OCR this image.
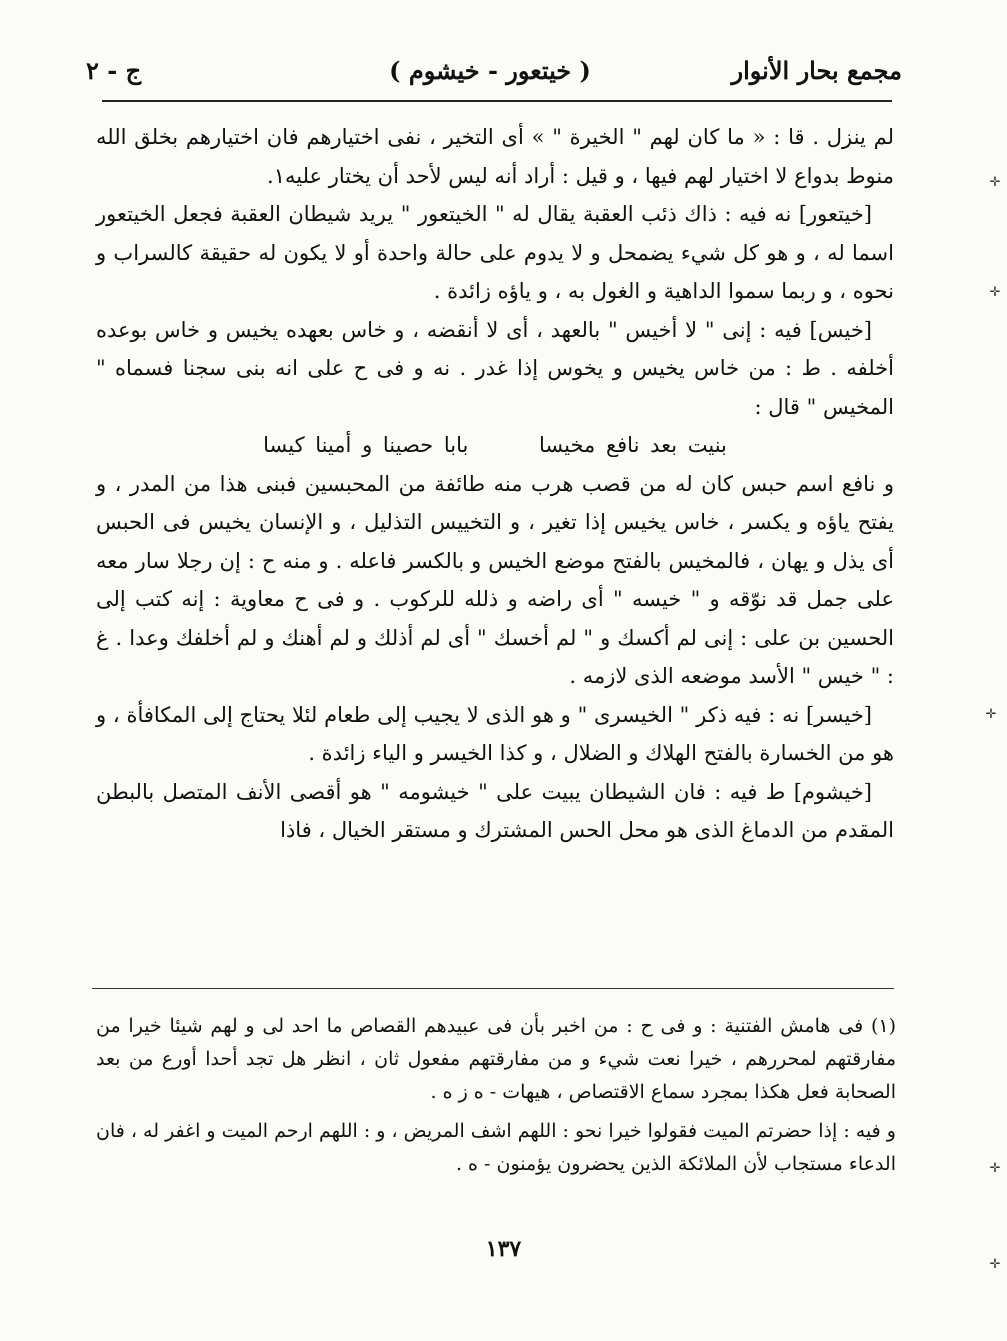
مجمع بحار الأنوار
( خيتعور - خيشوم )
ج - ٢

لم ينزل . قا : « ما كان لهم " الخيرة " » أى التخير ، نفى اختيارهم فان اختيارهم بخلق الله منوط بدواع لا اختيار لهم فيها ، و قيل : أراد أنه ليس لأحد أن يختار عليه١.

[خيتعور] نه فيه : ذاك ذئب العقبة يقال له " الخيتعور " يريد شيطان العقبة فجعل الخيتعور اسما له ، و هو كل شيء يضمحل و لا يدوم على حالة واحدة أو لا يكون له حقيقة كالسراب و نحوه ، و ربما سموا الداهية و الغول به ، و ياؤه زائدة .

[خيس] فيه : إنى " لا أخيس " بالعهد ، أى لا أنقضه ، و خاس بعهده يخيس و خاس بوعده أخلفه . ط : من خاس يخيس و يخوس إذا غدر . نه و فى ح على انه بنى سجنا فسماه " المخيس " قال :

بنيت بعد نافع مخيسا بابا حصينا و أمينا كيسا

و نافع اسم حبس كان له من قصب هرب منه طائفة من المحبسين فبنى هذا من المدر ، و يفتح ياؤه و يكسر ، خاس يخيس إذا تغير ، و التخييس التذليل ، و الإنسان يخيس فى الحبس أى يذل و يهان ، فالمخيس بالفتح موضع الخيس و بالكسر فاعله . و منه ح : إن رجلا سار معه على جمل قد نوّقه و " خيسه " أى راضه و ذلله للركوب . و فى ح معاوية : إنه كتب إلى الحسين بن على : إنى لم أكسك و " لم أخسك " أى لم أذلك و لم أهنك و لم أخلفك وعدا . غ : " خيس " الأسد موضعه الذى لازمه .

[خيسر] نه : فيه ذكر " الخيسرى " و هو الذى لا يجيب إلى طعام لئلا يحتاج إلى المكافأة ، و هو من الخسارة بالفتح الهلاك و الضلال ، و كذا الخيسر و الياء زائدة .

[خيشوم] ط فيه : فان الشيطان يبيت على " خيشومه " هو أقصى الأنف المتصل بالبطن المقدم من الدماغ الذى هو محل الحس المشترك و مستقر الخيال ، فاذا

(١) فى هامش الفتنية : و فى ح : من اخبر بأن فى عبيدهم القصاص ما احد لى و لهم شيئا خيرا من مفارقتهم لمحررهم ، خيرا نعت شيء و من مفارقتهم مفعول ثان ، انظر هل تجد أحدا أورع من بعد الصحابة فعل هكذا بمجرد سماع الاقتصاص ، هيهات - ه ز ه .

و فيه : إذا حضرتم الميت فقولوا خيرا نحو : اللهم اشف المريض ، و : اللهم ارحم الميت و اغفر له ، فان الدعاء مستجاب لأن الملائكة الذين يحضرون يؤمنون - ه .

١٣٧
✛
✛
✛
✛
✛
